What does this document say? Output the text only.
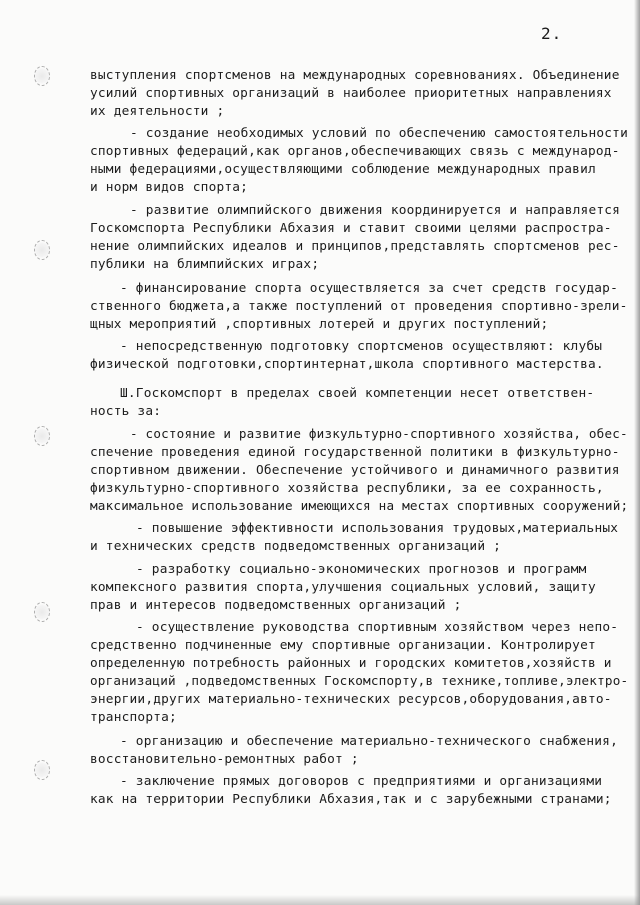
2.
выступления спортсменов на международных соревнованиях. Объединение
усилий спортивных организаций в наиболее приоритетных направлениях
их деятельности ;
- создание необходимых условий по обеспечению самостоятельности
спортивных федераций,как органов,обеспечивающих связь с международ-
ными федерациями,осуществляющими соблюдение международных правил
и норм видов спорта;
- развитие олимпийского движения координируется и направляется
Госкомспорта Республики Абхазия и ставит своими целями распростра-
нение олимпийских идеалов и принципов,представлять спортсменов рес-
публики на блимпийских играх;
- финансирование спорта осуществляется за счет средств государ-
ственного бюджета,а также поступлений от проведения спортивно-зрели-
щных мероприятий ,спортивных лотерей и других поступлений;
- непосредственную подготовку спортсменов осуществляют: клубы
физической подготовки,спортинтернат,школа спортивного мастерства.
Ш.Госкомспорт в пределах своей компетенции несет ответствен-
ность за:
- состояние и развитие физкультурно-спортивного хозяйства, обес-
спечение проведения единой государственной политики в физкультурно-
спортивном движении. Обеспечение устойчивого и динамичного развития
физкультурно-спортивного хозяйства республики, за ее сохранность,
максимальное использование имеющихся на местах спортивных сооружений;
- повышение эффективности использования трудовых,материальных
и технических средств подведомственных организаций ;
- разработку социально-экономических прогнозов и программ
компексного развития спорта,улучшения социальных условий, защиту
прав и интересов подведомственных организаций ;
- осуществление руководства спортивным хозяйством через непо-
средственно подчиненные ему спортивные организации. Контролирует
определенную потребность районных и городских комитетов,хозяйств и
организаций ,подведомственных Госкомспорту,в технике,топливе,электро-
энергии,других материально-технических ресурсов,оборудования,авто-
транспорта;
- организацию и обеспечение материально-технического снабжения,
восстановительно-ремонтных работ ;
- заключение прямых договоров с предприятиями и организациями
как на территории Республики Абхазия,так и с зарубежными странами;
